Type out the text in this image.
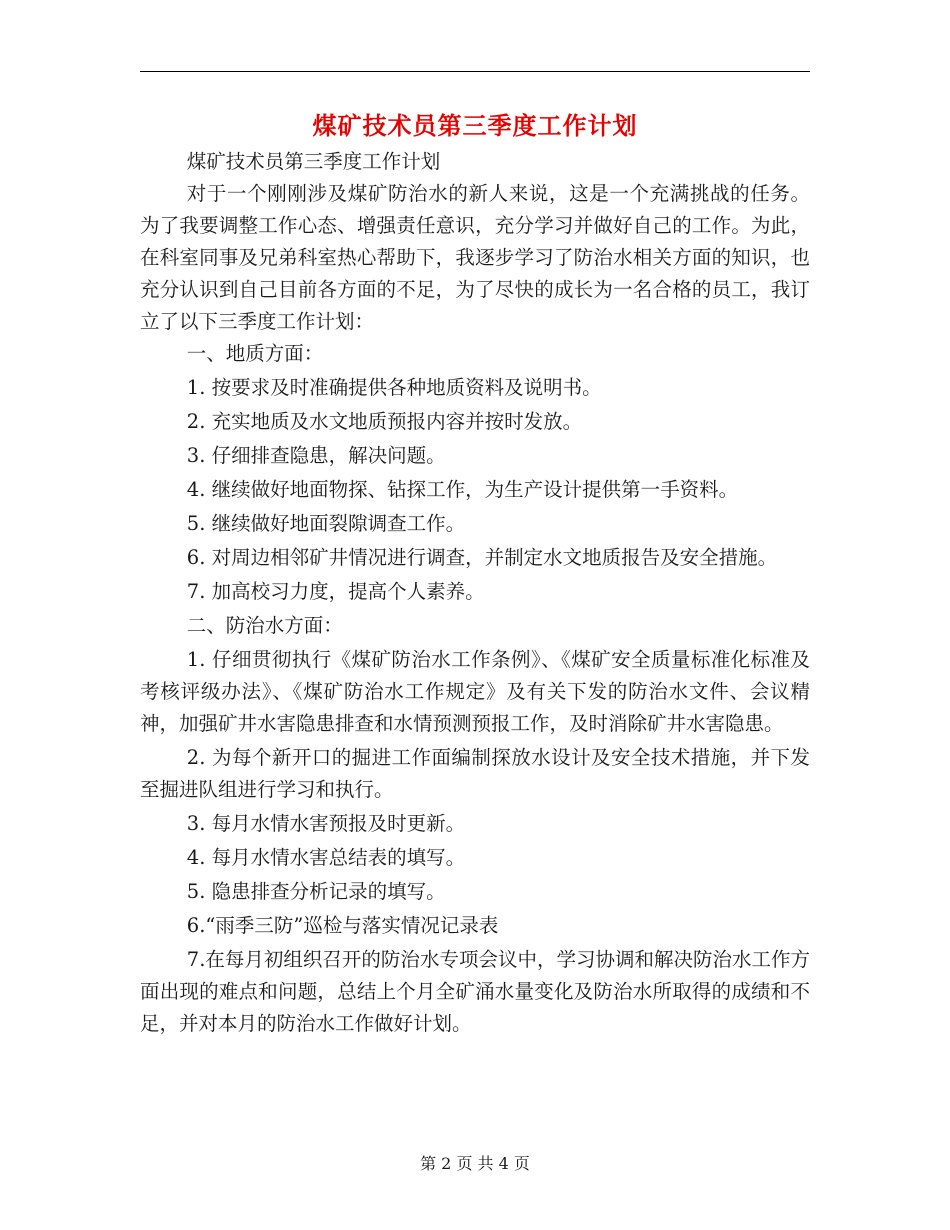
煤矿技术员第三季度工作计划

煤矿技术员第三季度工作计划

对于一个刚刚涉及煤矿防治水的新人来说，这是一个充满挑战的任务。为了我要调整工作心态、增强责任意识，充分学习并做好自己的工作。为此，在科室同事及兄弟科室热心帮助下，我逐步学习了防治水相关方面的知识，也充分认识到自己目前各方面的不足，为了尽快的成长为一名合格的员工，我订立了以下三季度工作计划：

一、地质方面：

1. 按要求及时准确提供各种地质资料及说明书。

2. 充实地质及水文地质预报内容并按时发放。

3. 仔细排查隐患，解决问题。

4. 继续做好地面物探、钻探工作，为生产设计提供第一手资料。

5. 继续做好地面裂隙调查工作。

6. 对周边相邻矿井情况进行调查，并制定水文地质报告及安全措施。

7. 加高校习力度，提高个人素养。

二、防治水方面：

1. 仔细贯彻执行《煤矿防治水工作条例》、《煤矿安全质量标准化标准及考核评级办法》、《煤矿防治水工作规定》及有关下发的防治水文件、会议精神，加强矿井水害隐患排查和水情预测预报工作，及时消除矿井水害隐患。

2. 为每个新开口的掘进工作面编制探放水设计及安全技术措施，并下发至掘进队组进行学习和执行。

3. 每月水情水害预报及时更新。

4. 每月水情水害总结表的填写。

5. 隐患排查分析记录的填写。

6.“雨季三防”巡检与落实情况记录表

7.在每月初组织召开的防治水专项会议中，学习协调和解决防治水工作方面出现的难点和问题，总结上个月全矿涌水量变化及防治水所取得的成绩和不足，并对本月的防治水工作做好计划。

第 2 页 共 4 页
